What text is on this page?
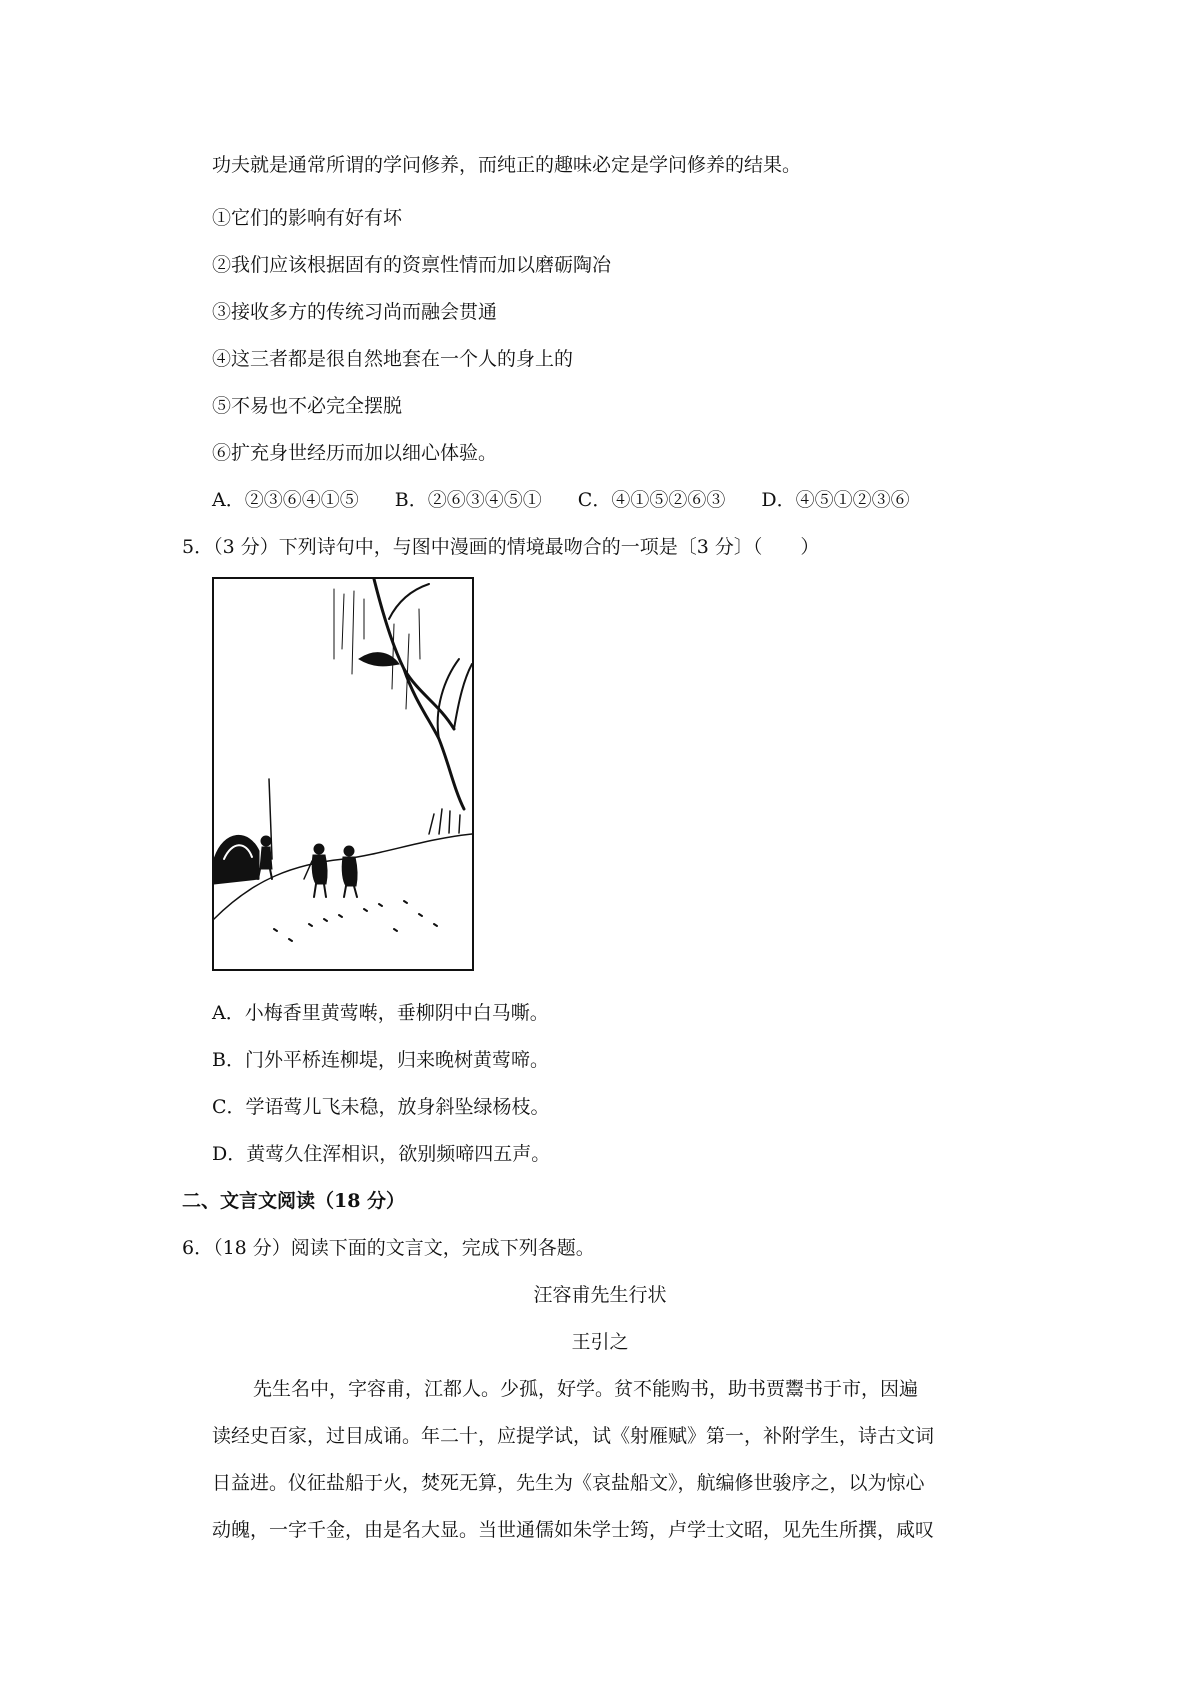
功夫就是通常所谓的学问修养，而纯正的趣味必定是学问修养的结果。
①它们的影响有好有坏
②我们应该根据固有的资禀性情而加以磨砺陶冶
③接收多方的传统习尚而融会贯通
④这三者都是很自然地套在一个人的身上的
⑤不易也不必完全摆脱
⑥扩充身世经历而加以细心体验。
A．②③⑥④①⑤ B．②⑥③④⑤① C．④①⑤②⑥③ D．④⑤①②③⑥
5．（3 分）下列诗句中，与图中漫画的情境最吻合的一项是〔3 分〕（　　）
A．小梅香里黄莺啭，垂柳阴中白马嘶。
B．门外平桥连柳堤，归来晚树黄莺啼。
C．学语莺儿飞未稳，放身斜坠绿杨枝。
D．黄莺久住浑相识，欲别频啼四五声。
二、文言文阅读（18 分）
6．（18 分）阅读下面的文言文，完成下列各题。
汪容甫先生行状
王引之
先生名中，字容甫，江都人。少孤，好学。贫不能购书，助书贾鬻书于市，因遍
读经史百家，过目成诵。年二十，应提学试，试《射雁赋》第一，补附学生，诗古文词
日益进。仪征盐船于火，焚死无算，先生为《哀盐船文》，航编修世骏序之，以为惊心
动魄，一字千金，由是名大显。当世通儒如朱学士筠，卢学士文昭，见先生所撰，咸叹
